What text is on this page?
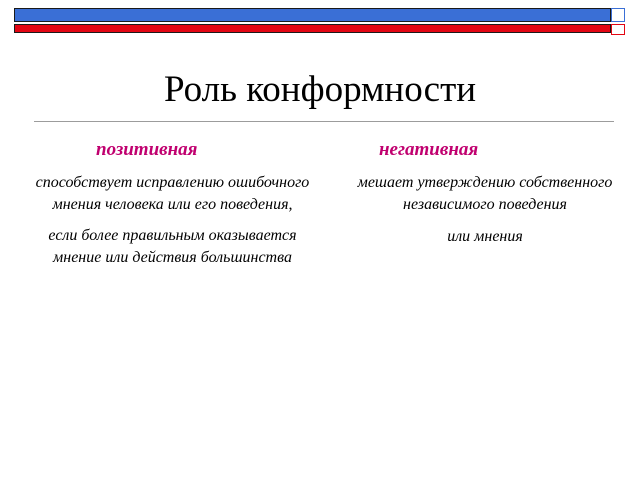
Роль конформности
позитивная	негативная

способствует исправлению ошибочного мнения человека или его поведения,

если более правильным оказывается мнение или действия большинства

мешает утверждению собственного независимого поведения

или мнения
